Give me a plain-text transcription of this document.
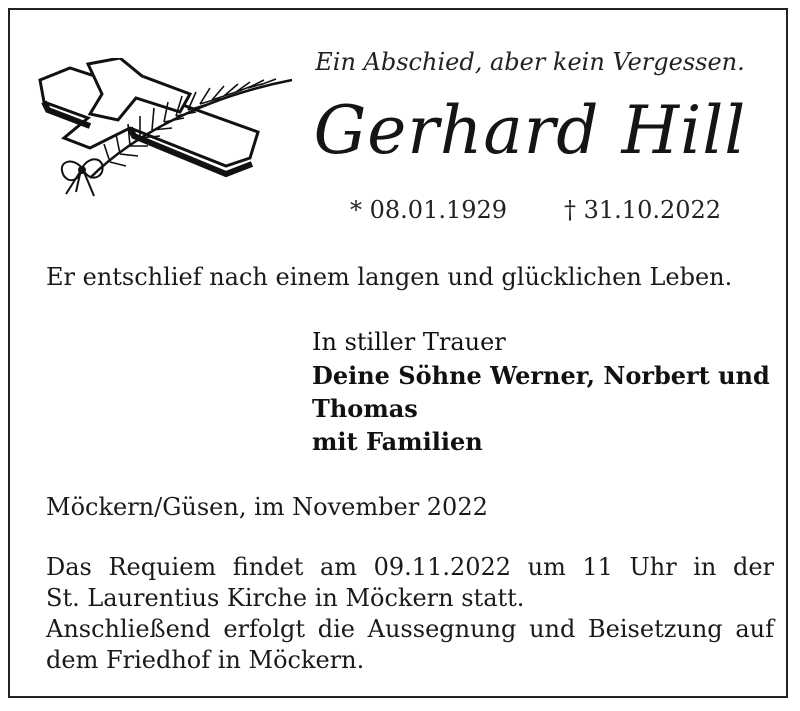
Ein Abschied, aber kein Vergessen.
Gerhard Hill
* 08.01.1929 † 31.10.2022
Er entschlief nach einem langen und glücklichen Leben.
In stiller Trauer
Deine Söhne Werner, Norbert und
Thomas
mit Familien
Möckern/Güsen, im November 2022
Das Requiem findet am 09.11.2022 um 11 Uhr in der
St. Laurentius Kirche in Möckern statt.
Anschließend erfolgt die Aussegnung und Beisetzung auf
dem Friedhof in Möckern.
